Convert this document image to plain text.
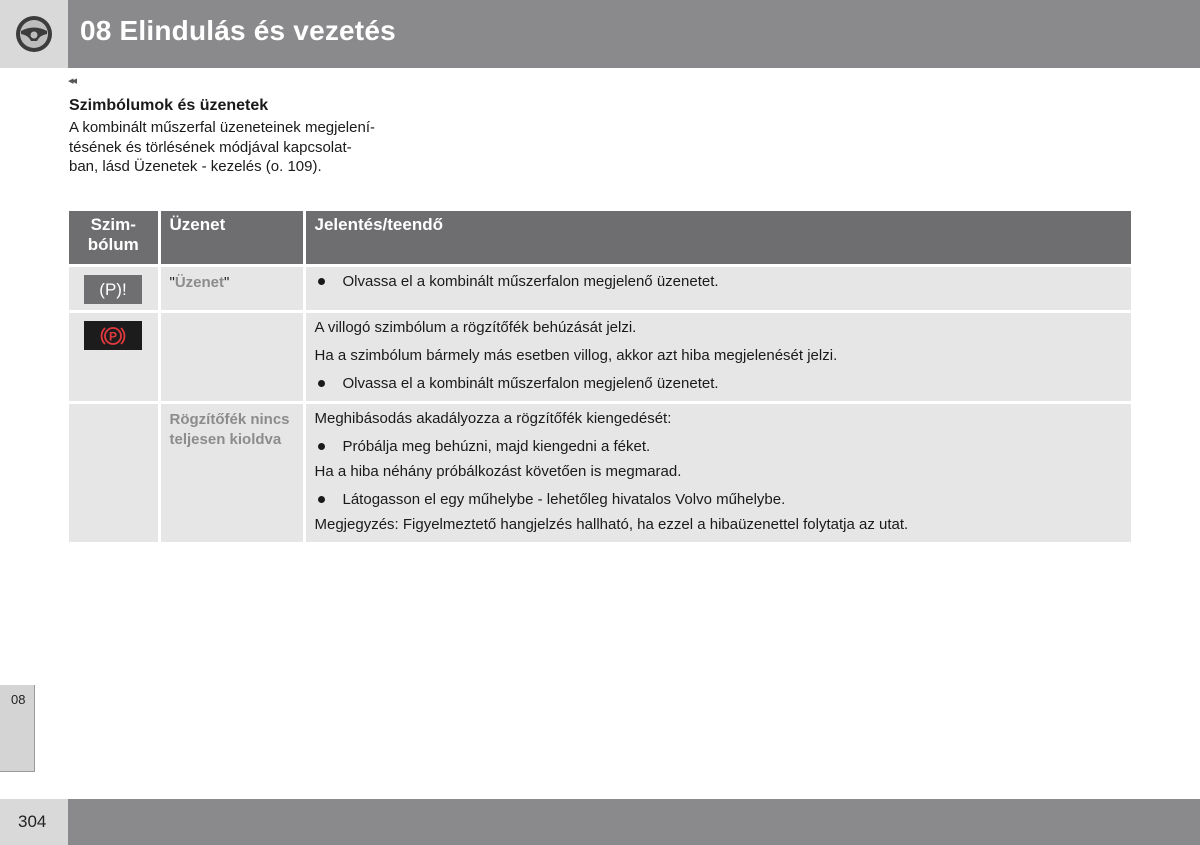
08 Elindulás és vezetés
◂◂
Szimbólumok és üzenetek
A kombinált műszerfal üzeneteinek megjelení-
tésének és törlésének módjával kapcsolat-
ban, lásd Üzenetek - kezelés (o. 109).
Szim-
bólum	Üzenet	Jelentés/teendő

(P)!	"Üzenet"	Olvassa el a kombinált műszerfalon megjelenő üzenetet.

P		A villogó szimbólum a rögzítőfék behúzását jelzi.
Ha a szimbólum bármely más esetben villog, akkor azt hiba megjelenését jelzi.
Olvassa el a kombinált műszerfalon megjelenő üzenetet.

	Rögzítőfék nincs teljesen kioldva	Meghibásodás akadályozza a rögzítőfék kiengedését:
Próbálja meg behúzni, majd kiengedni a féket.
Ha a hiba néhány próbálkozást követően is megmarad.
Látogasson el egy műhelybe - lehetőleg hivatalos Volvo műhelybe.
Megjegyzés: Figyelmeztető hangjelzés hallható, ha ezzel a hibaüzenettel folytatja az utat.
08
304
